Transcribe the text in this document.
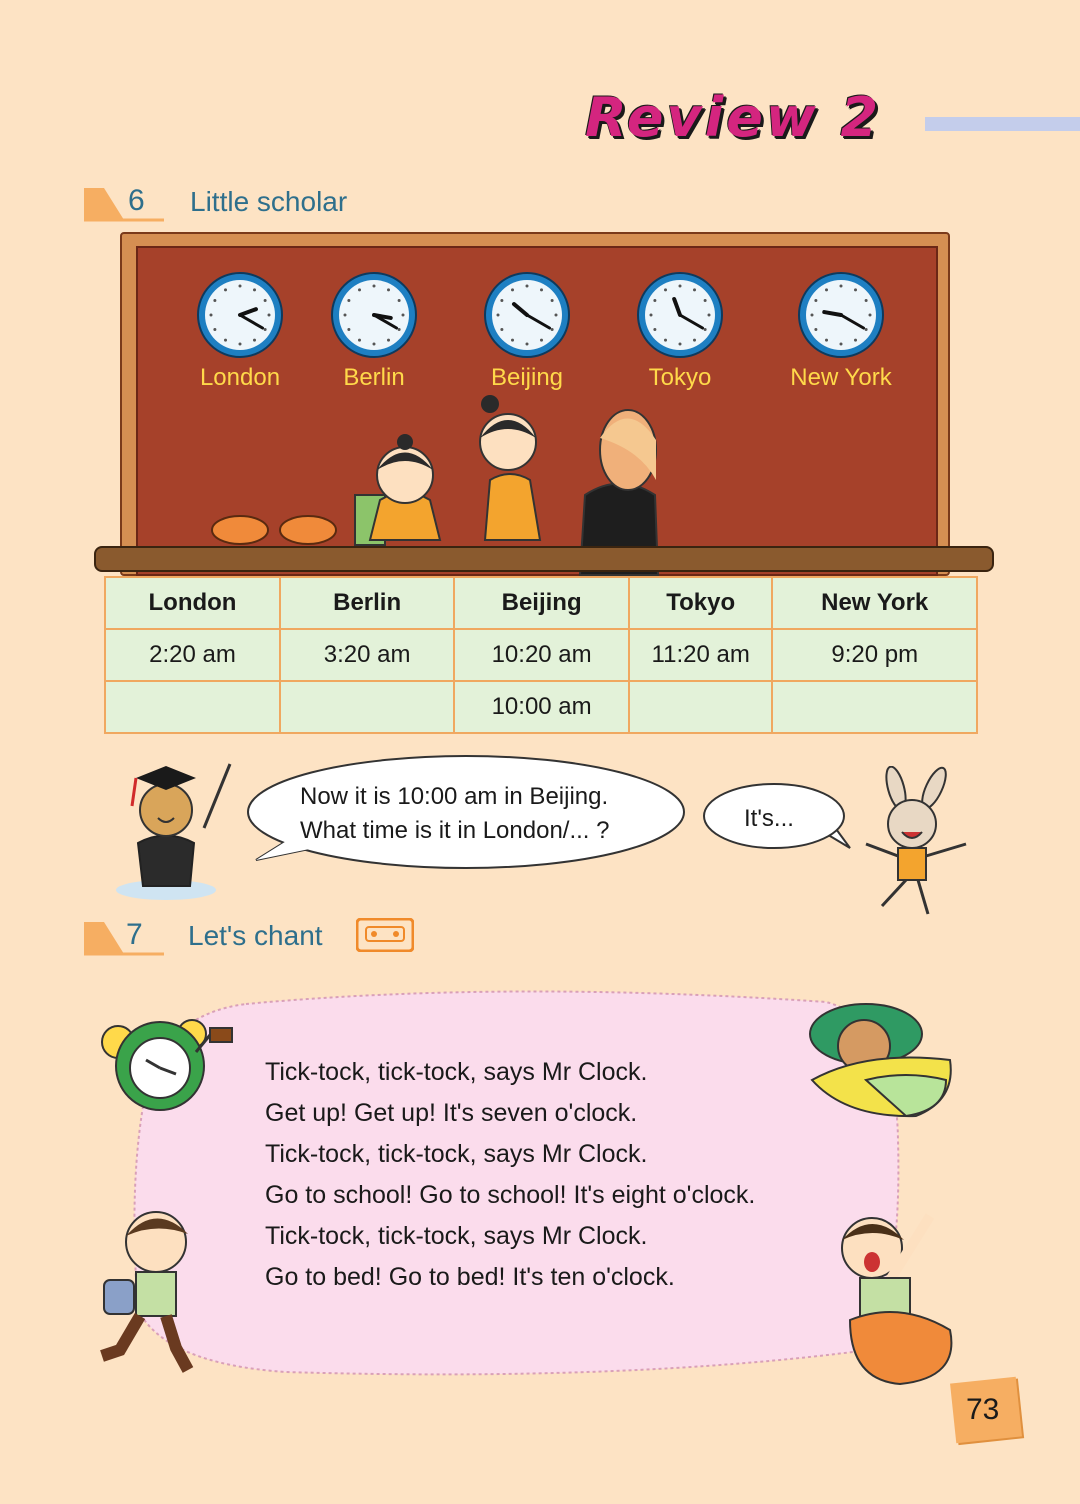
Review 2
6 Little scholar
London	Berlin	Beijing	Tokyo	New York
London	Berlin	Beijing	Tokyo	New York
2:20 am	3:20 am	10:20 am	11:20 am	9:20 pm
		10:00 am		
Now it is 10:00 am in Beijing.
What time is it in London/... ?	It's...
7 Let's chant
Tick-tock, tick-tock, says Mr Clock.
Get up! Get up! It's seven o'clock.
Tick-tock, tick-tock, says Mr Clock.
Go to school! Go to school! It's eight o'clock.
Tick-tock, tick-tock, says Mr Clock.
Go to bed! Go to bed! It's ten o'clock.
73
